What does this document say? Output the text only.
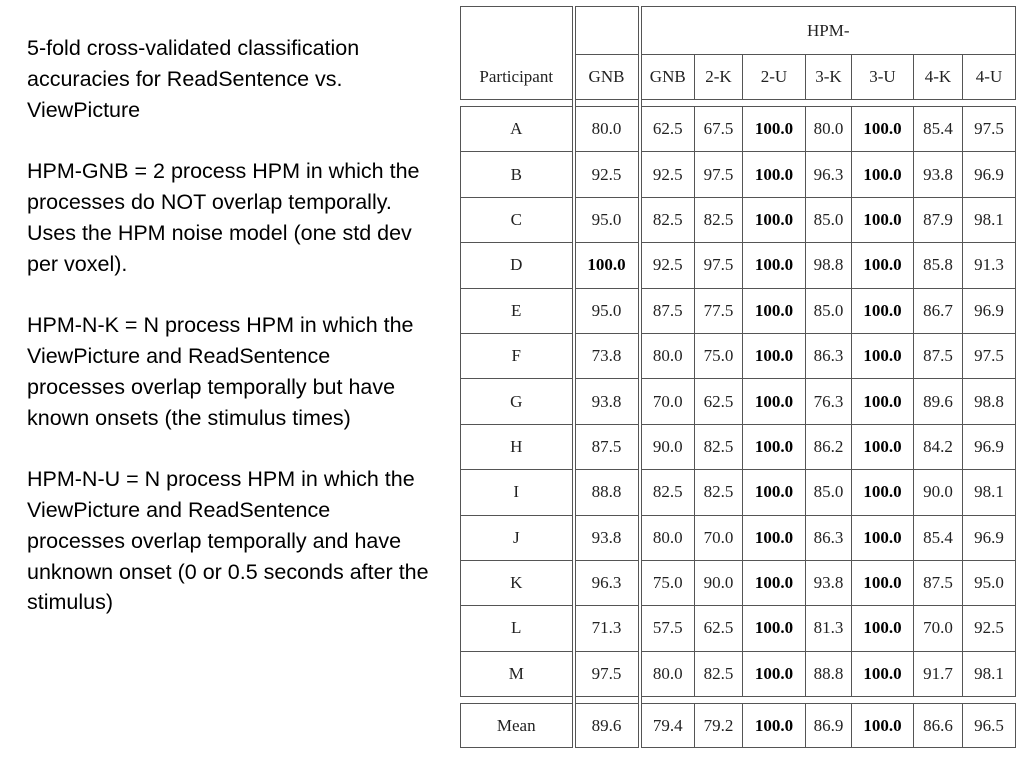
5-fold cross-validated classification accuracies for ReadSentence vs. ViewPicture

HPM-GNB = 2 process HPM in which the processes do NOT overlap temporally. Uses the HPM noise model (one std dev per voxel).

HPM-N-K = N process HPM in which the ViewPicture and ReadSentence processes overlap temporally but have known onsets (the stimulus times)

HPM-N-U = N process HPM in which the ViewPicture and ReadSentence processes overlap temporally and have unknown onset (0 or 0.5 seconds after the stimulus)

		HPM-						
Participant	GNB	GNB	2-K	2-U	3-K	3-U	4-K	4-U

A	80.0	62.5	67.5	100.0	80.0	100.0	85.4	97.5
B	92.5	92.5	97.5	100.0	96.3	100.0	93.8	96.9
C	95.0	82.5	82.5	100.0	85.0	100.0	87.9	98.1
D	100.0	92.5	97.5	100.0	98.8	100.0	85.8	91.3
E	95.0	87.5	77.5	100.0	85.0	100.0	86.7	96.9
F	73.8	80.0	75.0	100.0	86.3	100.0	87.5	97.5
G	93.8	70.0	62.5	100.0	76.3	100.0	89.6	98.8
H	87.5	90.0	82.5	100.0	86.2	100.0	84.2	96.9
I	88.8	82.5	82.5	100.0	85.0	100.0	90.0	98.1
J	93.8	80.0	70.0	100.0	86.3	100.0	85.4	96.9
K	96.3	75.0	90.0	100.0	93.8	100.0	87.5	95.0
L	71.3	57.5	62.5	100.0	81.3	100.0	70.0	92.5
M	97.5	80.0	82.5	100.0	88.8	100.0	91.7	98.1

Mean	89.6	79.4	79.2	100.0	86.9	100.0	86.6	96.5
